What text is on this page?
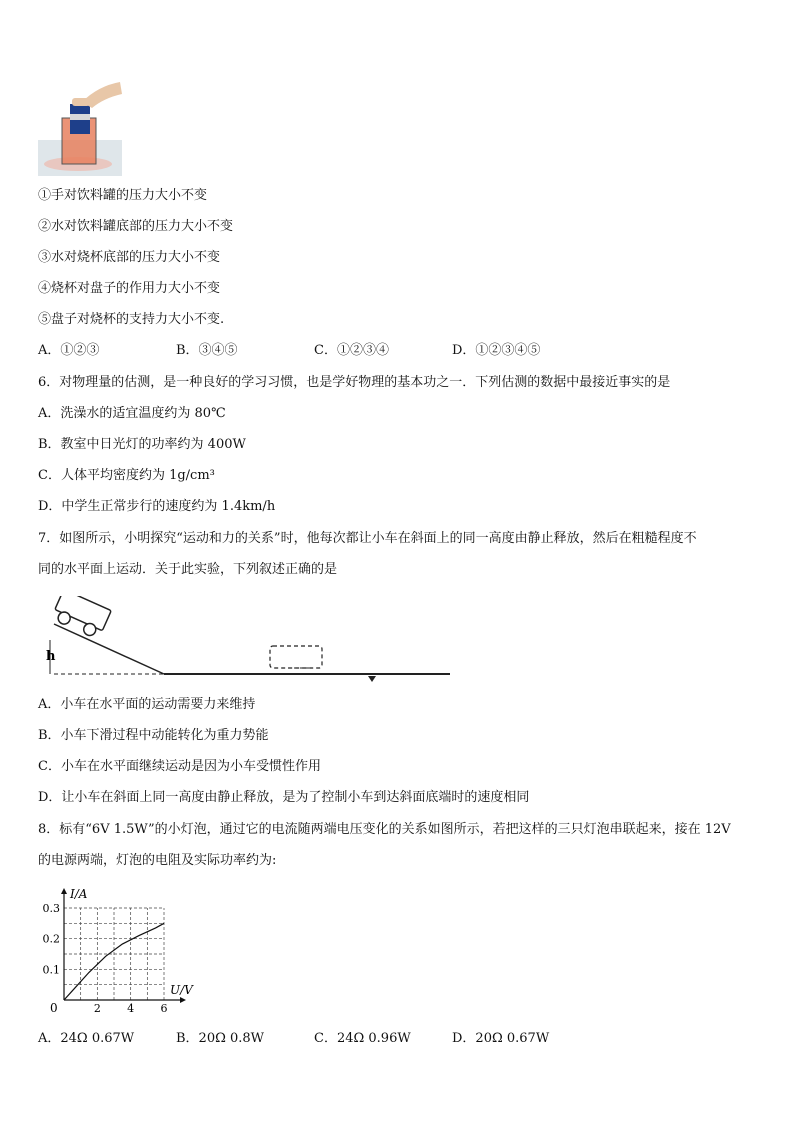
①手对饮料罐的压力大小不变
②水对饮料罐底部的压力大小不变
③水对烧杯底部的压力大小不变
④烧杯对盘子的作用力大小不变
⑤盘子对烧杯的支持力大小不变.
A．①②③	B．③④⑤	C．①②③④	D．①②③④⑤
6．对物理量的估测，是一种良好的学习习惯，也是学好物理的基本功之一．下列估测的数据中最接近事实的是
A．洗澡水的适宜温度约为 80℃
B．教室中日光灯的功率约为 400W
C．人体平均密度约为 1g/cm³
D．中学生正常步行的速度约为 1.4km/h
7．如图所示，小明探究“运动和力的关系”时，他每次都让小车在斜面上的同一高度由静止释放，然后在粗糙程度不
同的水平面上运动．关于此实验，下列叙述正确的是
h
A．小车在水平面的运动需要力来维持
B．小车下滑过程中动能转化为重力势能
C．小车在水平面继续运动是因为小车受惯性作用
D．让小车在斜面上同一高度由静止释放，是为了控制小车到达斜面底端时的速度相同
8．标有“6V 1.5W”的小灯泡，通过它的电流随两端电压变化的关系如图所示，若把这样的三只灯泡串联起来，接在 12V
的电源两端，灯泡的电阻及实际功率约为:
2 4 6
0.1
0.2
0.3
I/A
U/V
0
A．24Ω 0.67W	B．20Ω 0.8W	C．24Ω 0.96W	D．20Ω 0.67W
